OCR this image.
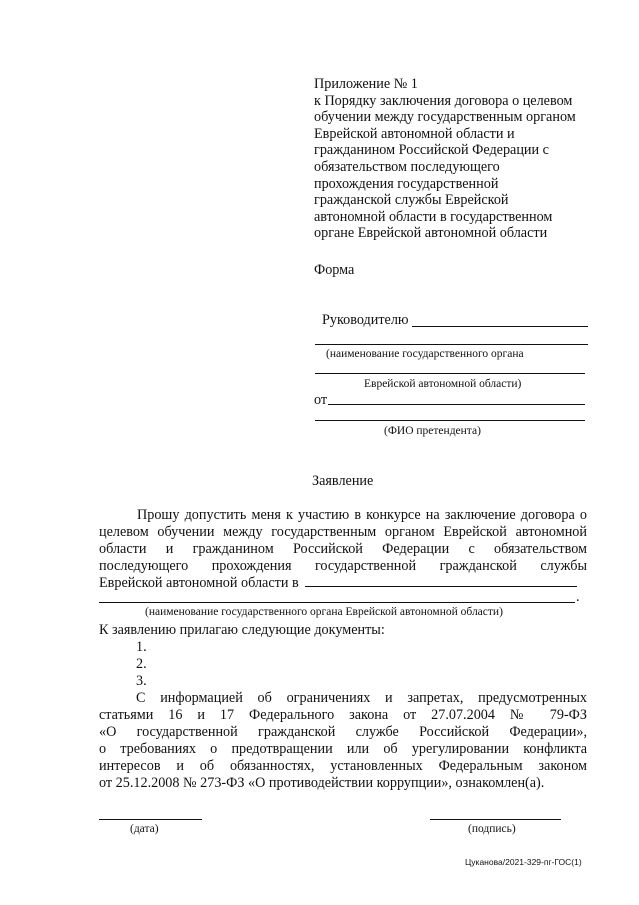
Приложение № 1
к Порядку заключения договора о целевом
обучении между государственным органом
Еврейской автономной области и
гражданином Российской Федерации с
обязательством последующего
прохождения государственной
гражданской службы Еврейской
автономной области в государственном
органе Еврейской автономной области
Форма
Руководителю
(наименование государственного органа
Еврейской автономной области)
от
(ФИО претендента)
Заявление
Прошу допустить меня к участию в конкурсе на заключение договора о
целевом обучении между государственным органом Еврейской автономной
области и гражданином Российской Федерации с обязательством
последующего прохождения государственной гражданской службы
Еврейской автономной области в
.
(наименование государственного органа Еврейской автономной области)
К заявлению прилагаю следующие документы:
1.
2.
3.
С информацией об ограничениях и запретах, предусмотренных
статьями 16 и 17 Федерального закона от 27.07.2004 № 79-ФЗ
«О государственной гражданской службе Российской Федерации»,
о требованиях о предотвращении или об урегулировании конфликта
интересов и об обязанностях, установленных Федеральным законом
от 25.12.2008 № 273-ФЗ «О противодействии коррупции», ознакомлен(а).
(дата)	(подпись)
Цуканова/2021-329-пг-ГОС(1)
